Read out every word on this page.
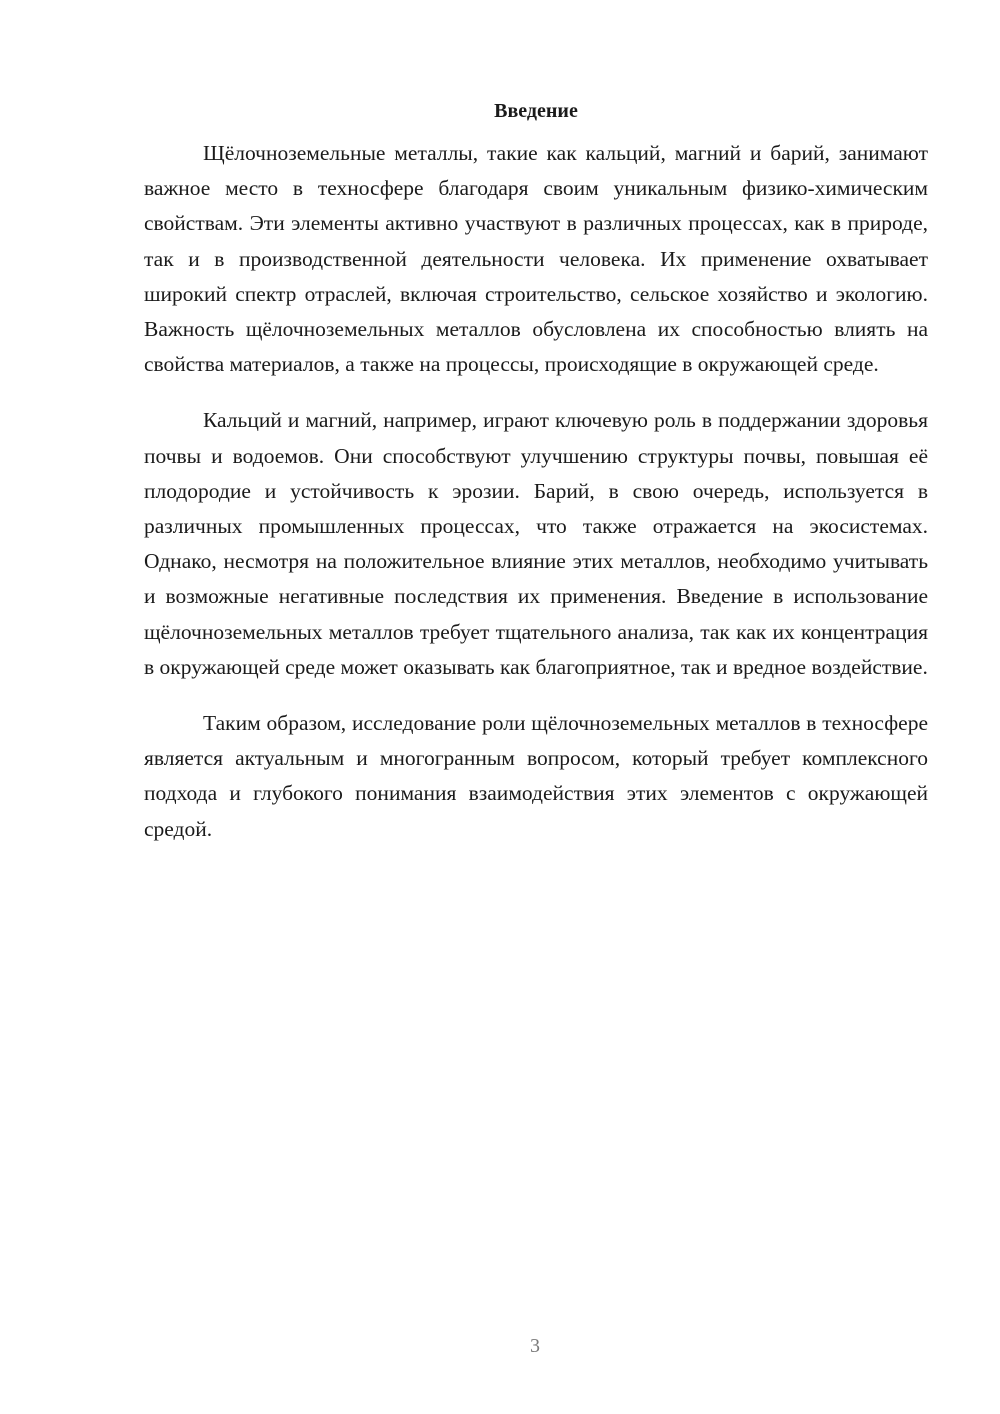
Введение

Щёлочноземельные металлы, такие как кальций, магний и барий, занимают важное место в техносфере благодаря своим уникальным физико-химическим свойствам. Эти элементы активно участвуют в различных процессах, как в природе, так и в производственной деятельности человека. Их применение охватывает широкий спектр отраслей, включая строительство, сельское хозяйство и экологию. Важность щёлочноземельных металлов обусловлена их способностью влиять на свойства материалов, а также на процессы, происходящие в окружающей среде.

Кальций и магний, например, играют ключевую роль в поддержании здоровья почвы и водоемов. Они способствуют улучшению структуры почвы, повышая её плодородие и устойчивость к эрозии. Барий, в свою очередь, используется в различных промышленных процессах, что также отражается на экосистемах. Однако, несмотря на положительное влияние этих металлов, необходимо учитывать и возможные негативные последствия их применения. Введение в использование щёлочноземельных металлов требует тщательного анализа, так как их концентрация в окружающей среде может оказывать как благоприятное, так и вредное воздействие.

Таким образом, исследование роли щёлочноземельных металлов в техносфере является актуальным и многогранным вопросом, который требует комплексного подхода и глубокого понимания взаимодействия этих элементов с окружающей средой.

3
